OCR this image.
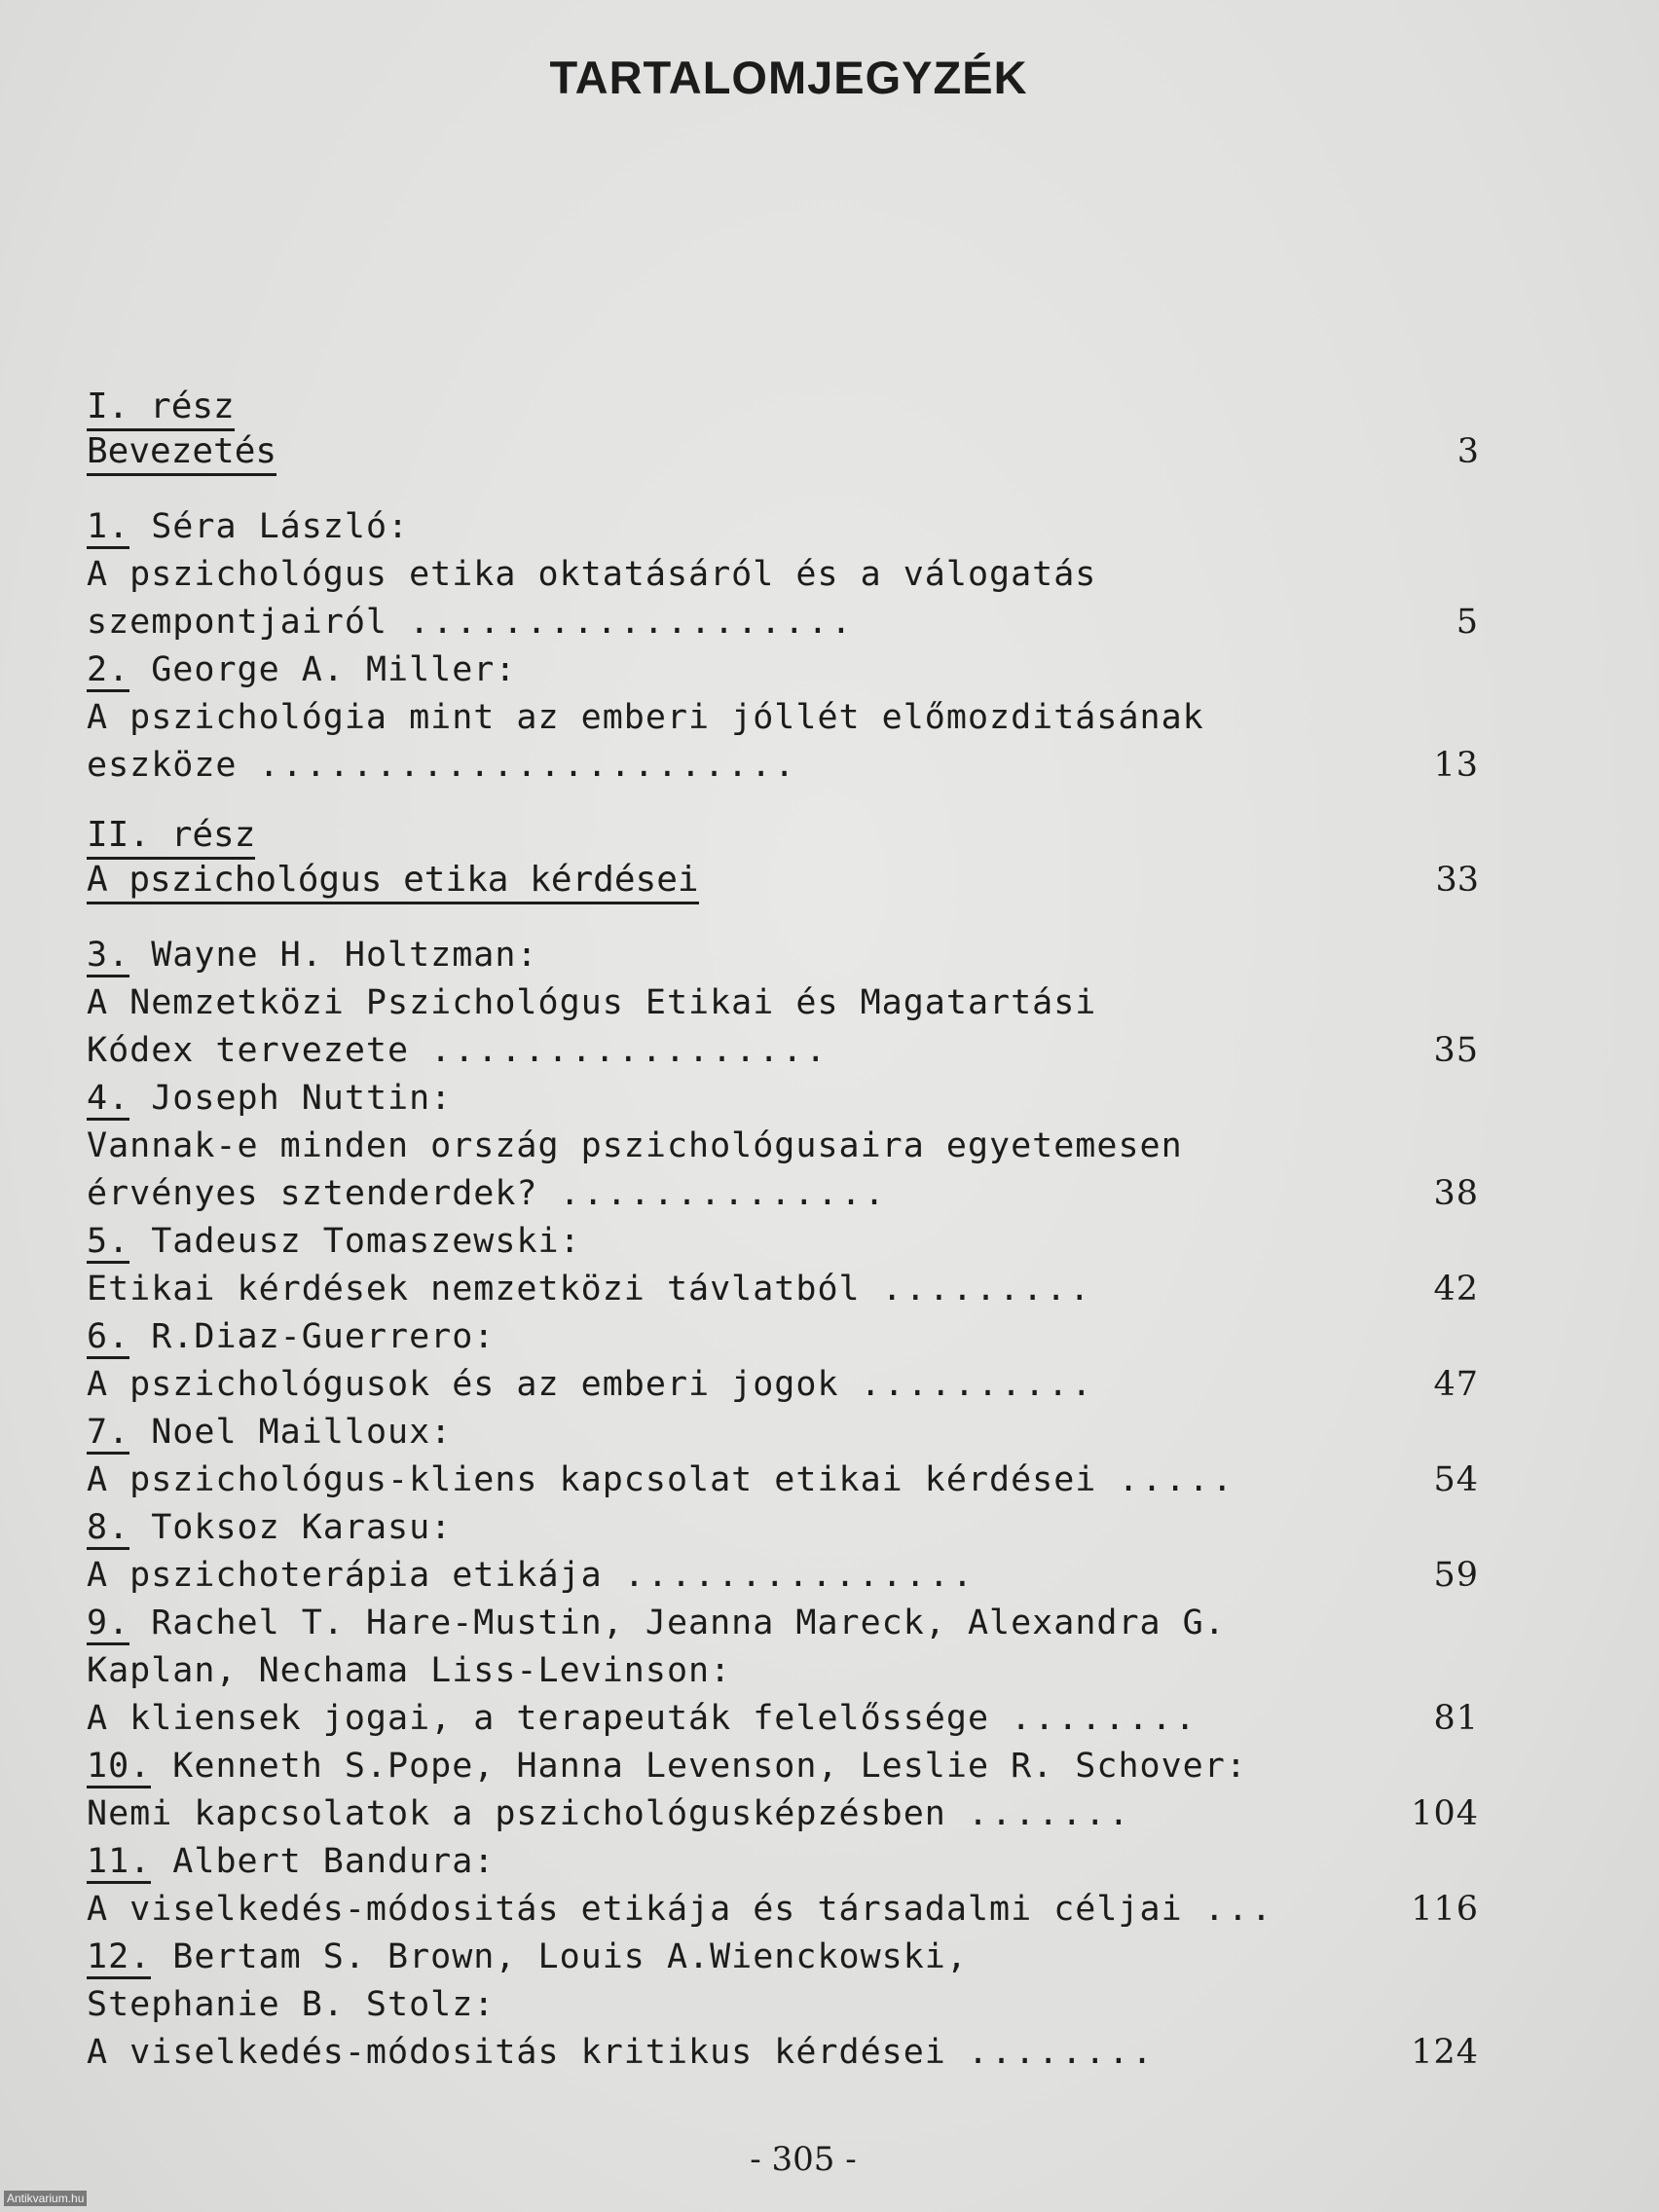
TARTALOMJEGYZÉK
I. rész
Bevezetés	3
1. Séra László:
A pszichológus etika oktatásáról és a válogatás
szempontjairól ...................	5
2. George A. Miller:
A pszichológia mint az emberi jóllét előmozditásának
eszköze .......................	13
II. rész
A pszichológus etika kérdései	33
3. Wayne H. Holtzman:
A Nemzetközi Pszichológus Etikai és Magatartási
Kódex tervezete .................	35
4. Joseph Nuttin:
Vannak-e minden ország pszichológusaira egyetemesen
érvényes sztenderdek? ..............	38
5. Tadeusz Tomaszewski:
Etikai kérdések nemzetközi távlatból .........	42
6. R.Diaz-Guerrero:
A pszichológusok és az emberi jogok ..........	47
7. Noel Mailloux:
A pszichológus-kliens kapcsolat etikai kérdései .....	54
8. Toksoz Karasu:
A pszichoterápia etikája ...............	59
9. Rachel T. Hare-Mustin, Jeanna Mareck, Alexandra G.
Kaplan, Nechama Liss-Levinson:
A kliensek jogai, a terapeuták felelőssége ........	81
10. Kenneth S.Pope, Hanna Levenson, Leslie R. Schover:
Nemi kapcsolatok a pszichológusképzésben .......	104
11. Albert Bandura:
A viselkedés-módositás etikája és társadalmi céljai ...	116
12. Bertam S. Brown, Louis A.Wienckowski,
Stephanie B. Stolz:
A viselkedés-módositás kritikus kérdései ........	124
- 305 -
Antikvarium.hu
